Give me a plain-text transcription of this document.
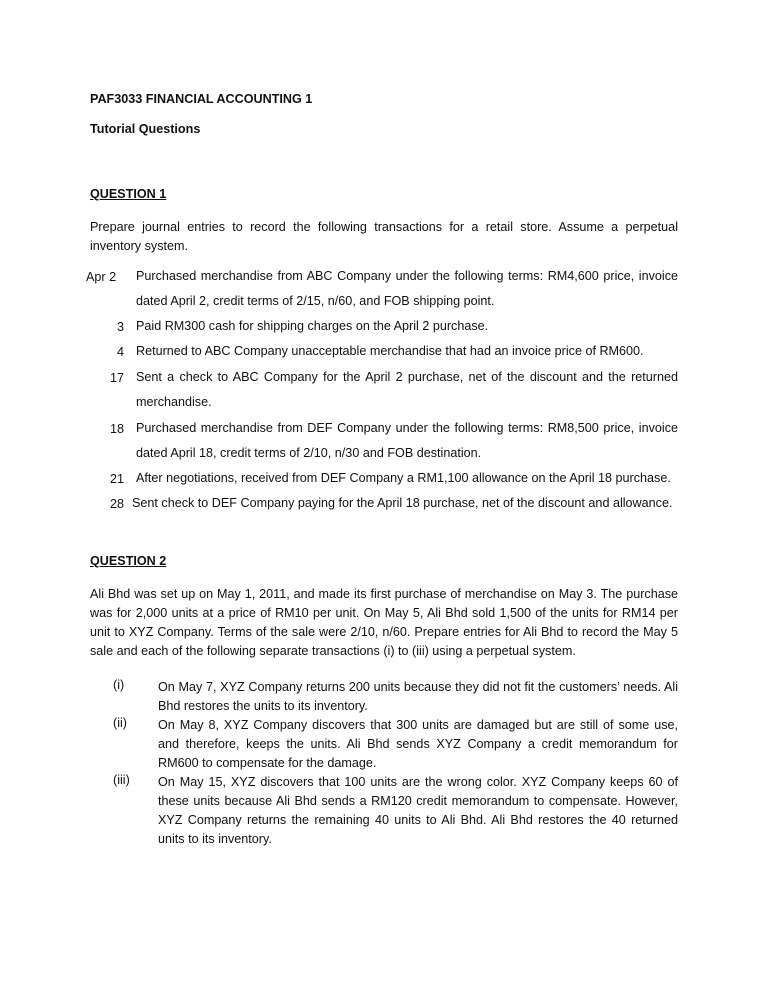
PAF3033 FINANCIAL ACCOUNTING 1
Tutorial Questions
QUESTION 1
Prepare journal entries to record the following transactions for a retail store. Assume a perpetual inventory system.
Apr 2	Purchased merchandise from ABC Company under the following terms: RM4,600 price, invoice dated April 2, credit terms of 2/15, n/60, and FOB shipping point.
3 Paid RM300 cash for shipping charges on the April 2 purchase.
4 Returned to ABC Company unacceptable merchandise that had an invoice price of RM600.
17 Sent a check to ABC Company for the April 2 purchase, net of the discount and the returned merchandise.
18 Purchased merchandise from DEF Company under the following terms: RM8,500 price, invoice dated April 18, credit terms of 2/10, n/30 and FOB destination.
21 After negotiations, received from DEF Company a RM1,100 allowance on the April 18 purchase.
28 Sent check to DEF Company paying for the April 18 purchase, net of the discount and allowance.
QUESTION 2
Ali Bhd was set up on May 1, 2011, and made its first purchase of merchandise on May 3. The purchase was for 2,000 units at a price of RM10 per unit. On May 5, Ali Bhd sold 1,500 of the units for RM14 per unit to XYZ Company. Terms of the sale were 2/10, n/60. Prepare entries for Ali Bhd to record the May 5 sale and each of the following separate transactions (i) to (iii) using a perpetual system.
(i)	On May 7, XYZ Company returns 200 units because they did not fit the customers’ needs. Ali Bhd restores the units to its inventory.
(ii) On May 8, XYZ Company discovers that 300 units are damaged but are still of some use, and therefore, keeps the units. Ali Bhd sends XYZ Company a credit memorandum for RM600 to compensate for the damage.
(iii) On May 15, XYZ discovers that 100 units are the wrong color. XYZ Company keeps 60 of these units because Ali Bhd sends a RM120 credit memorandum to compensate. However, XYZ Company returns the remaining 40 units to Ali Bhd. Ali Bhd restores the 40 returned units to its inventory.
